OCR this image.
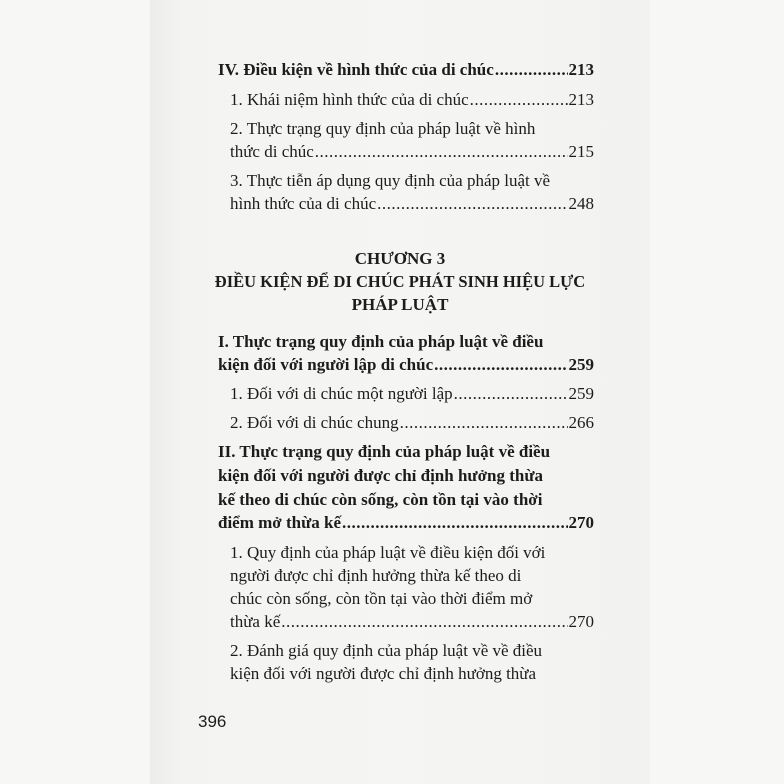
IV. Điều kiện về hình thức của di chúc .....	213
1. Khái niệm hình thức của di chúc .....	213
2. Thực trạng quy định của pháp luật về hình
thức di chúc .....	215
3. Thực tiễn áp dụng quy định của pháp luật về
hình thức của di chúc .....	248
CHƯƠNG 3
ĐIỀU KIỆN ĐỂ DI CHÚC PHÁT SINH HIỆU LỰC
PHÁP LUẬT
I. Thực trạng quy định của pháp luật về điều
kiện đối với người lập di chúc .....	259
1. Đối với di chúc một người lập .....	259
2. Đối với di chúc chung .....	266
II. Thực trạng quy định của pháp luật về điều
kiện đối với người được chỉ định hưởng thừa
kế theo di chúc còn sống, còn tồn tại vào thời
điểm mở thừa kế .....	270
1. Quy định của pháp luật về điều kiện đối với
người được chỉ định hưởng thừa kế theo di
chúc còn sống, còn tồn tại vào thời điểm mở
thừa kế .....	270
2. Đánh giá quy định của pháp luật về về điều
kiện đối với người được chỉ định hưởng thừa
396
